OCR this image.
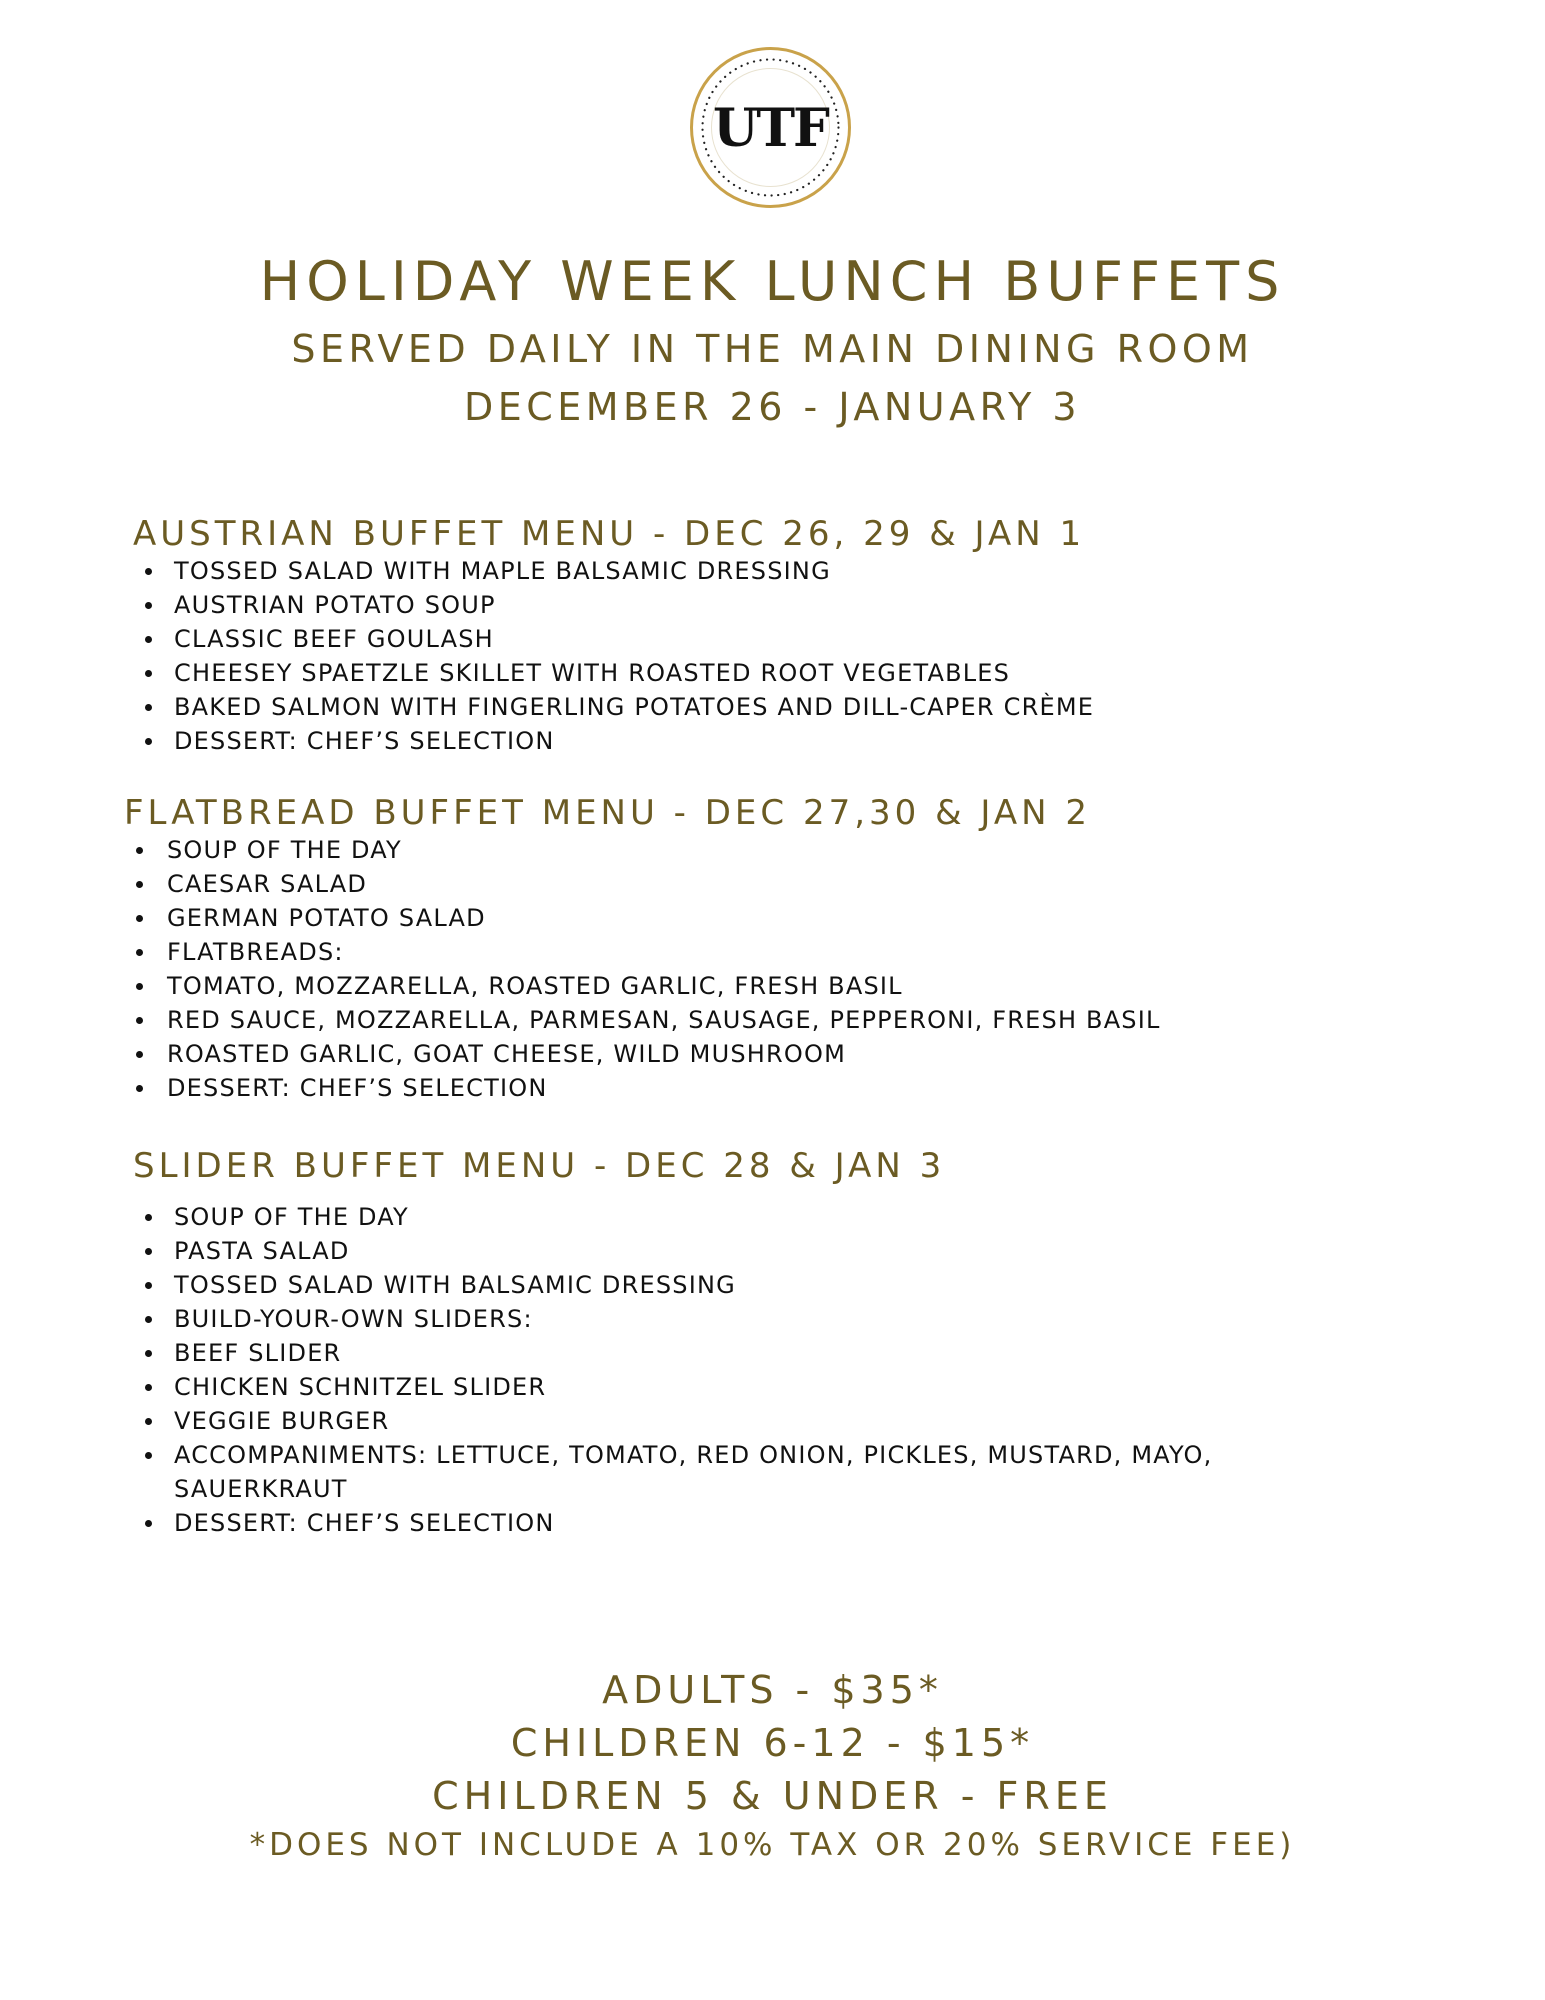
UTF
HOLIDAY WEEK LUNCH BUFFETS
SERVED DAILY IN THE MAIN DINING ROOM
DECEMBER 26 - JANUARY 3
AUSTRIAN BUFFET MENU - DEC 26, 29 & JAN 1
TOSSED SALAD WITH MAPLE BALSAMIC DRESSING
AUSTRIAN POTATO SOUP
CLASSIC BEEF GOULASH
CHEESEY SPAETZLE SKILLET WITH ROASTED ROOT VEGETABLES
BAKED SALMON WITH FINGERLING POTATOES AND DILL-CAPER CRÈME
DESSERT: CHEF’S SELECTION
FLATBREAD BUFFET MENU - DEC 27,30 & JAN 2
SOUP OF THE DAY
CAESAR SALAD
GERMAN POTATO SALAD
FLATBREADS:
TOMATO, MOZZARELLA, ROASTED GARLIC, FRESH BASIL
RED SAUCE, MOZZARELLA, PARMESAN, SAUSAGE, PEPPERONI, FRESH BASIL
ROASTED GARLIC, GOAT CHEESE, WILD MUSHROOM
DESSERT: CHEF’S SELECTION
SLIDER BUFFET MENU - DEC 28 & JAN 3
SOUP OF THE DAY
PASTA SALAD
TOSSED SALAD WITH BALSAMIC DRESSING
BUILD-YOUR-OWN SLIDERS:
BEEF SLIDER
CHICKEN SCHNITZEL SLIDER
VEGGIE BURGER
ACCOMPANIMENTS: LETTUCE, TOMATO, RED ONION, PICKLES, MUSTARD, MAYO,
SAUERKRAUT
DESSERT: CHEF’S SELECTION
ADULTS - $35*
CHILDREN 6-12 - $15*
CHILDREN 5 & UNDER - FREE
*DOES NOT INCLUDE A 10% TAX OR 20% SERVICE FEE)
